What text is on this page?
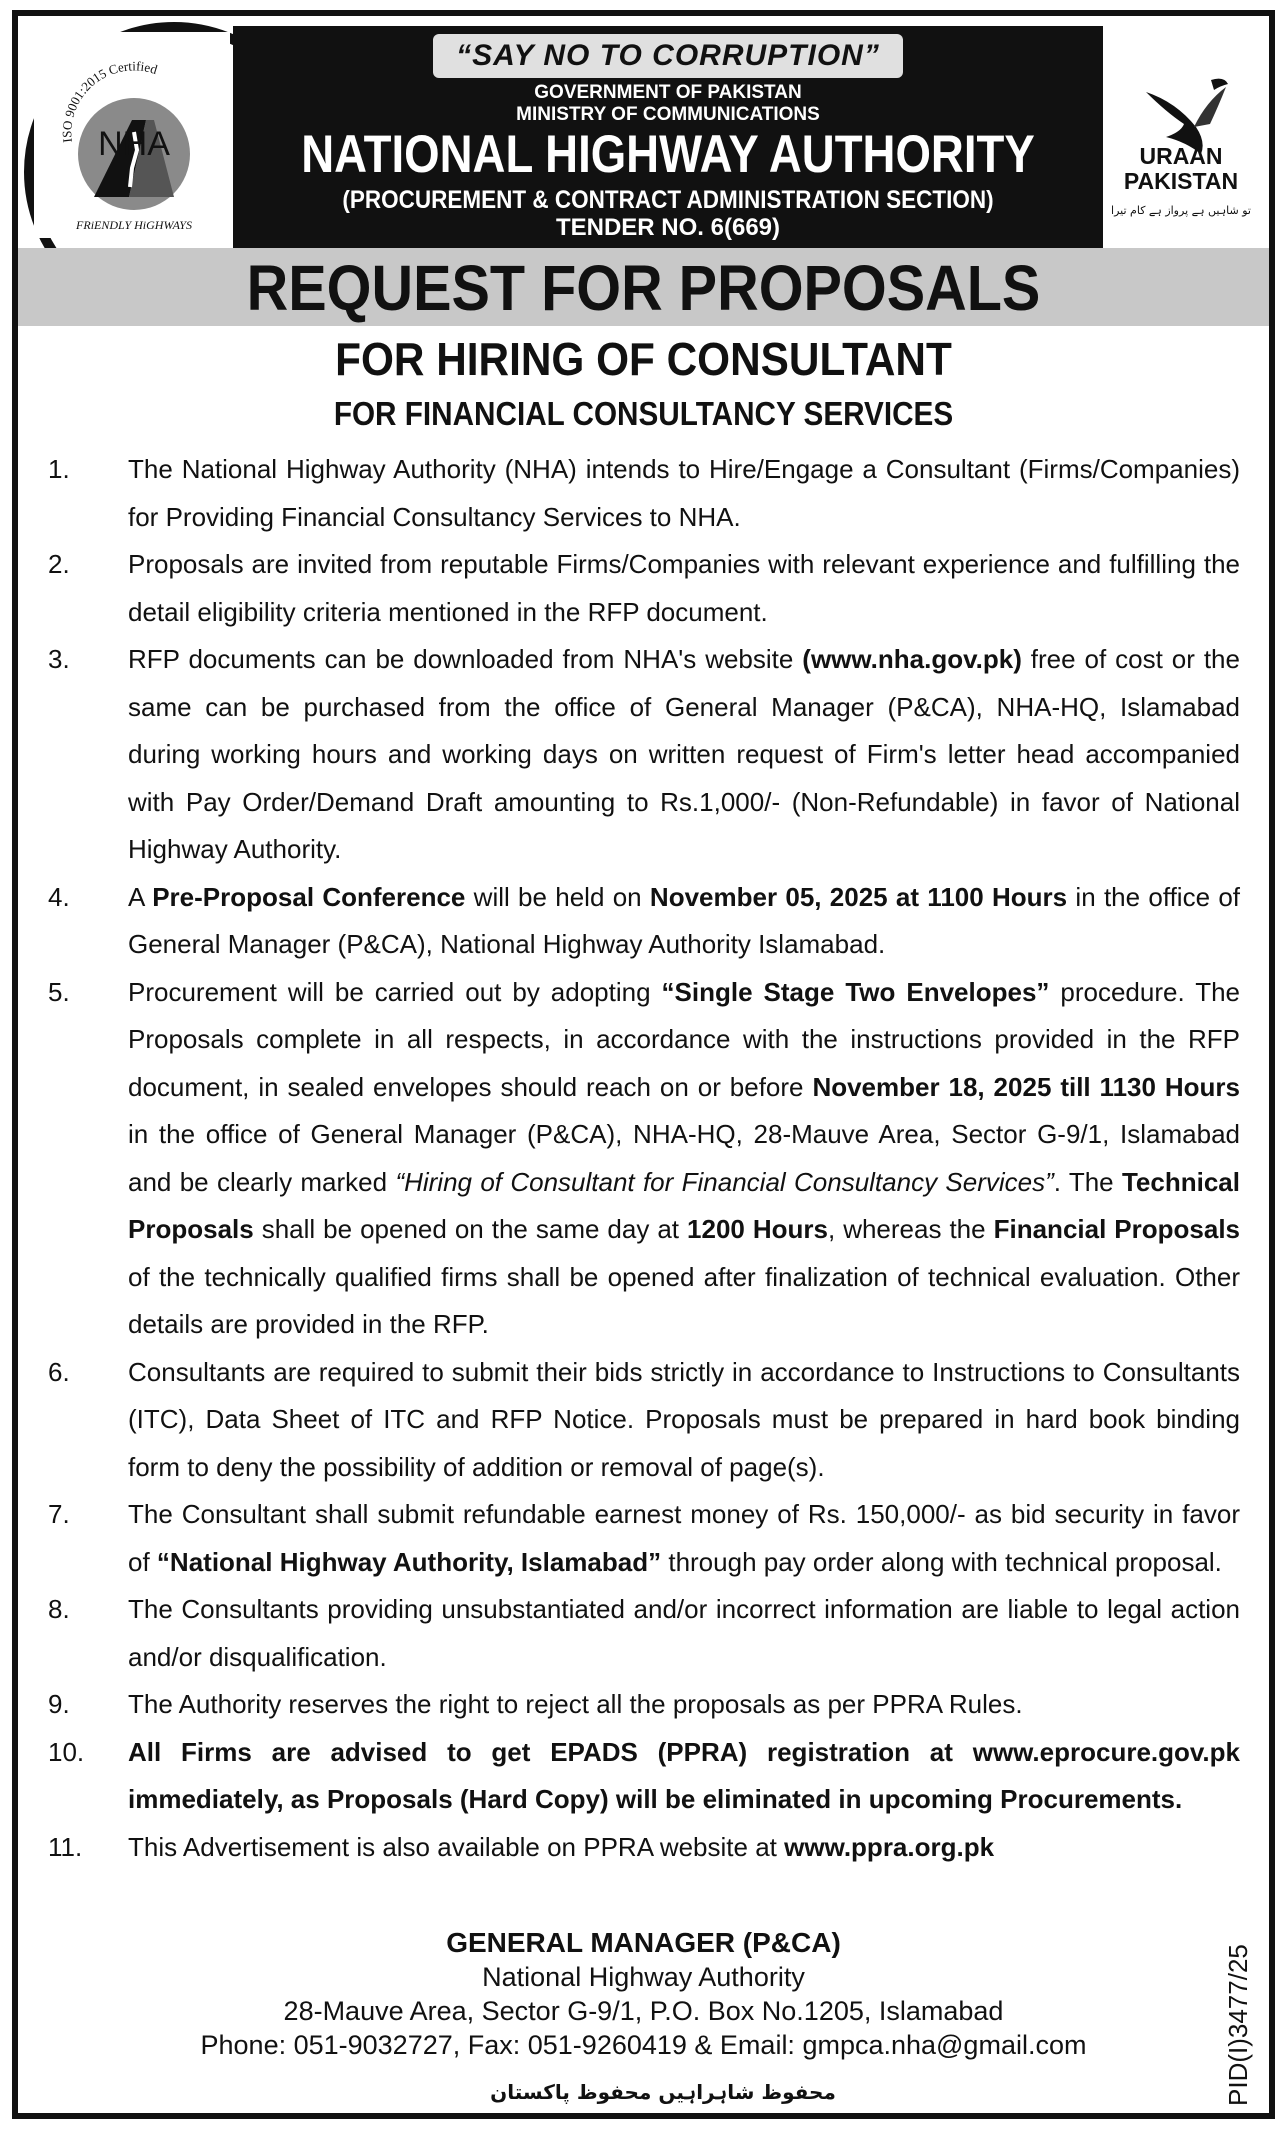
ISO 9001:2015 Certified
NHA
FRiENDLY HiGHWAYS
“SAY NO TO CORRUPTION”
GOVERNMENT OF PAKISTAN
MINISTRY OF COMMUNICATIONS
NATIONAL HIGHWAY AUTHORITY
(PROCUREMENT & CONTRACT ADMINISTRATION SECTION)
TENDER NO. 6(669)
URAAN
PAKISTAN
تو شاہیں ہے پرواز ہے کام تیرا
REQUEST FOR PROPOSALS
FOR HIRING OF CONSULTANT
FOR FINANCIAL CONSULTANCY SERVICES
1.	The National Highway Authority (NHA) intends to Hire/Engage a Consultant (Firms/Companies) for Providing Financial Consultancy Services to NHA.

2.	Proposals are invited from reputable Firms/Companies with relevant experience and fulfilling the detail eligibility criteria mentioned in the RFP document.

3.	RFP documents can be downloaded from NHA's website (www.nha.gov.pk) free of cost or the same can be purchased from the office of General Manager (P&CA), NHA-HQ, Islamabad during working hours and working days on written request of Firm's letter head accompanied with Pay Order/Demand Draft amounting to Rs.1,000/- (Non-Refundable) in favor of National Highway Authority.

4.	A Pre-Proposal Conference will be held on November 05, 2025 at 1100 Hours in the office of General Manager (P&CA), National Highway Authority Islamabad.

5.	Procurement will be carried out by adopting “Single Stage Two Envelopes” procedure. The Proposals complete in all respects, in accordance with the instructions provided in the RFP document, in sealed envelopes should reach on or before November 18, 2025 till 1130 Hours in the office of General Manager (P&CA), NHA-HQ, 28-Mauve Area, Sector G-9/1, Islamabad and be clearly marked “Hiring of Consultant for Financial Consultancy Services”. The Technical Proposals shall be opened on the same day at 1200 Hours, whereas the Financial Proposals of the technically qualified firms shall be opened after finalization of technical evaluation. Other details are provided in the RFP.

6.	Consultants are required to submit their bids strictly in accordance to Instructions to Consultants (ITC), Data Sheet of ITC and RFP Notice. Proposals must be prepared in hard book binding form to deny the possibility of addition or removal of page(s).

7.	The Consultant shall submit refundable earnest money of Rs. 150,000/- as bid security in favor of “National Highway Authority, Islamabad” through pay order along with technical proposal.

8.	The Consultants providing unsubstantiated and/or incorrect information are liable to legal action and/or disqualification.

9.	The Authority reserves the right to reject all the proposals as per PPRA Rules.

10.	All Firms are advised to get EPADS (PPRA) registration at www.eprocure.gov.pk immediately, as Proposals (Hard Copy) will be eliminated in upcoming Procurements.

11.	This Advertisement is also available on PPRA website at www.ppra.org.pk

GENERAL MANAGER (P&CA)
National Highway Authority
28-Mauve Area, Sector G-9/1, P.O. Box No.1205, Islamabad
Phone: 051-9032727, Fax: 051-9260419 & Email: gmpca.nha@gmail.com
محفوظ شاہراہیں محفوظ پاکستان	PID(I)3477/25
